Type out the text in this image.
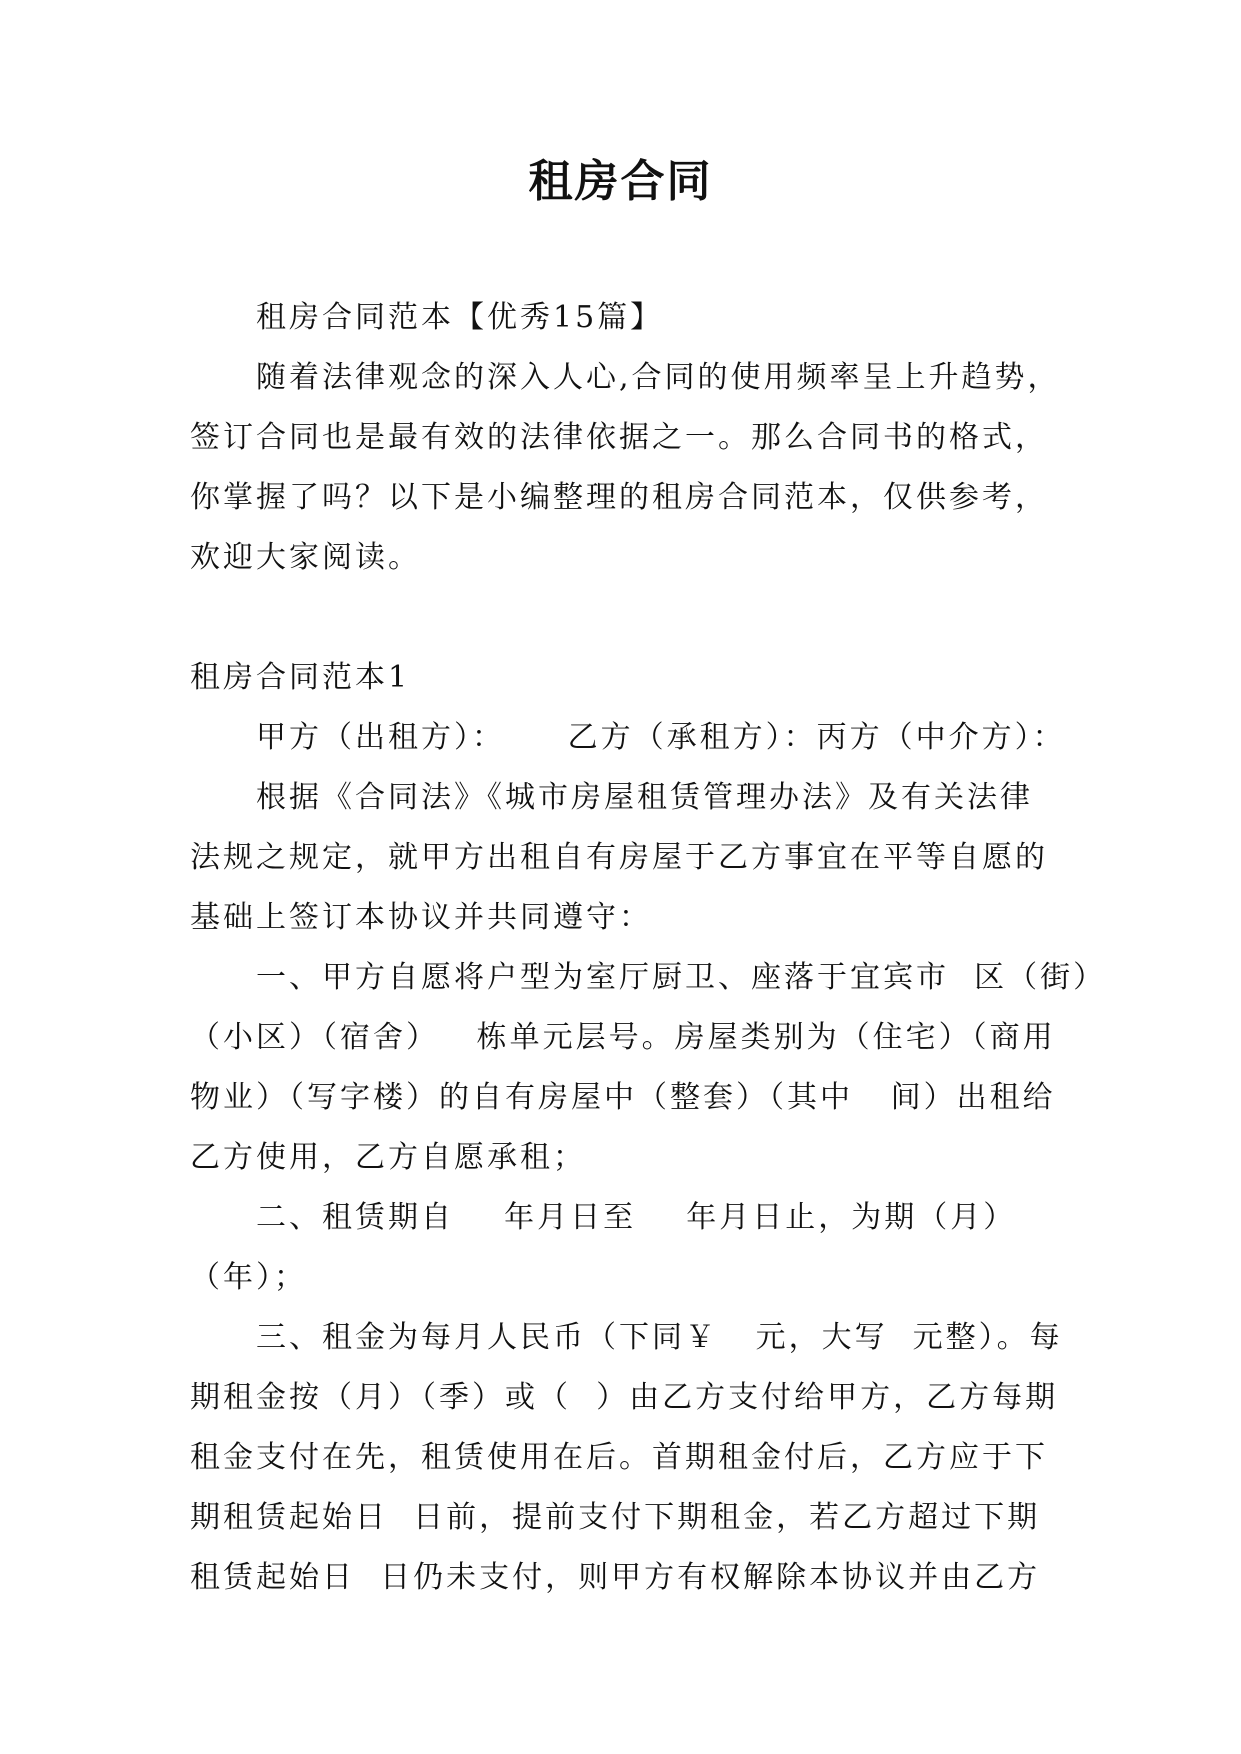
租房合同

租房合同范本【优秀15篇】

随着法律观念的深入人心,合同的使用频率呈上升趋势，
签订合同也是最有效的法律依据之一。那么合同书的格式，
你掌握了吗？以下是小编整理的租房合同范本，仅供参考，
欢迎大家阅读。

租房合同范本1

甲方（出租方）：     乙方（承租方）：丙方（中介方）：
根据《合同法》《城市房屋租赁管理办法》及有关法律
法规之规定，就甲方出租自有房屋于乙方事宜在平等自愿的
基础上签订本协议并共同遵守：
一、甲方自愿将户型为室厅厨卫、座落于宜宾市  区（街）
（小区）（宿舍）   栋单元层号。房屋类别为（住宅）（商用
物业）（写字楼）的自有房屋中（整套）（其中   间）出租给
乙方使用，乙方自愿承租；
二、租赁期自    年月日至    年月日止，为期（月）
（年）；
三、租金为每月人民币（下同￥   元，大写  元整）。每
期租金按（月）（季）或（  ）由乙方支付给甲方，乙方每期
租金支付在先，租赁使用在后。首期租金付后，乙方应于下
期租赁起始日  日前，提前支付下期租金，若乙方超过下期
租赁起始日  日仍未支付，则甲方有权解除本协议并由乙方
